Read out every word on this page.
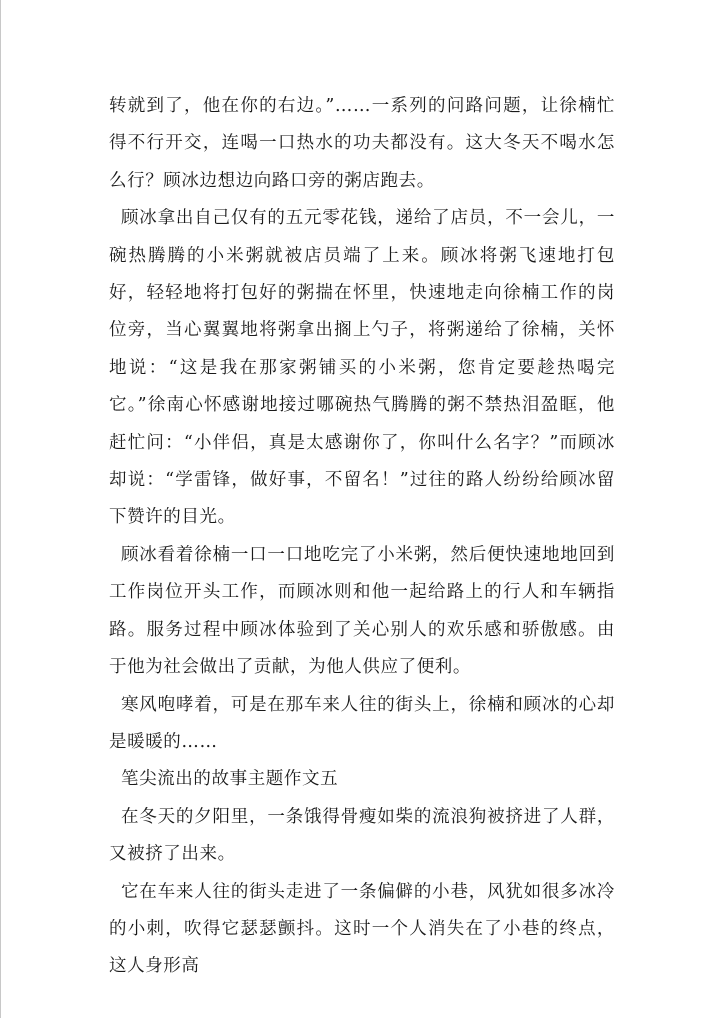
转就到了，他在你的右边。”……一系列的问路问题，让徐楠忙得不行开交，连喝一口热水的功夫都没有。这大冬天不喝水怎么行？顾冰边想边向路口旁的粥店跑去。

顾冰拿出自己仅有的五元零花钱，递给了店员，不一会儿，一碗热腾腾的小米粥就被店员端了上来。顾冰将粥飞速地打包好，轻轻地将打包好的粥揣在怀里，快速地走向徐楠工作的岗位旁，当心翼翼地将粥拿出搁上勺子，将粥递给了徐楠，关怀地说：“这是我在那家粥铺买的小米粥，您肯定要趁热喝完它。”徐南心怀感谢地接过哪碗热气腾腾的粥不禁热泪盈眶，他赶忙问：“小伴侣，真是太感谢你了，你叫什么名字？”而顾冰却说：“学雷锋，做好事，不留名！”过往的路人纷纷给顾冰留下赞许的目光。

顾冰看着徐楠一口一口地吃完了小米粥，然后便快速地地回到工作岗位开头工作，而顾冰则和他一起给路上的行人和车辆指路。服务过程中顾冰体验到了关心别人的欢乐感和骄傲感。由于他为社会做出了贡献，为他人供应了便利。

寒风咆哮着，可是在那车来人往的街头上，徐楠和顾冰的心却是暖暖的……

笔尖流出的故事主题作文五

在冬天的夕阳里，一条饿得骨瘦如柴的流浪狗被挤进了人群，又被挤了出来。

它在车来人往的街头走进了一条偏僻的小巷，风犹如很多冰冷的小刺，吹得它瑟瑟颤抖。这时一个人消失在了小巷的终点，这人身形高
